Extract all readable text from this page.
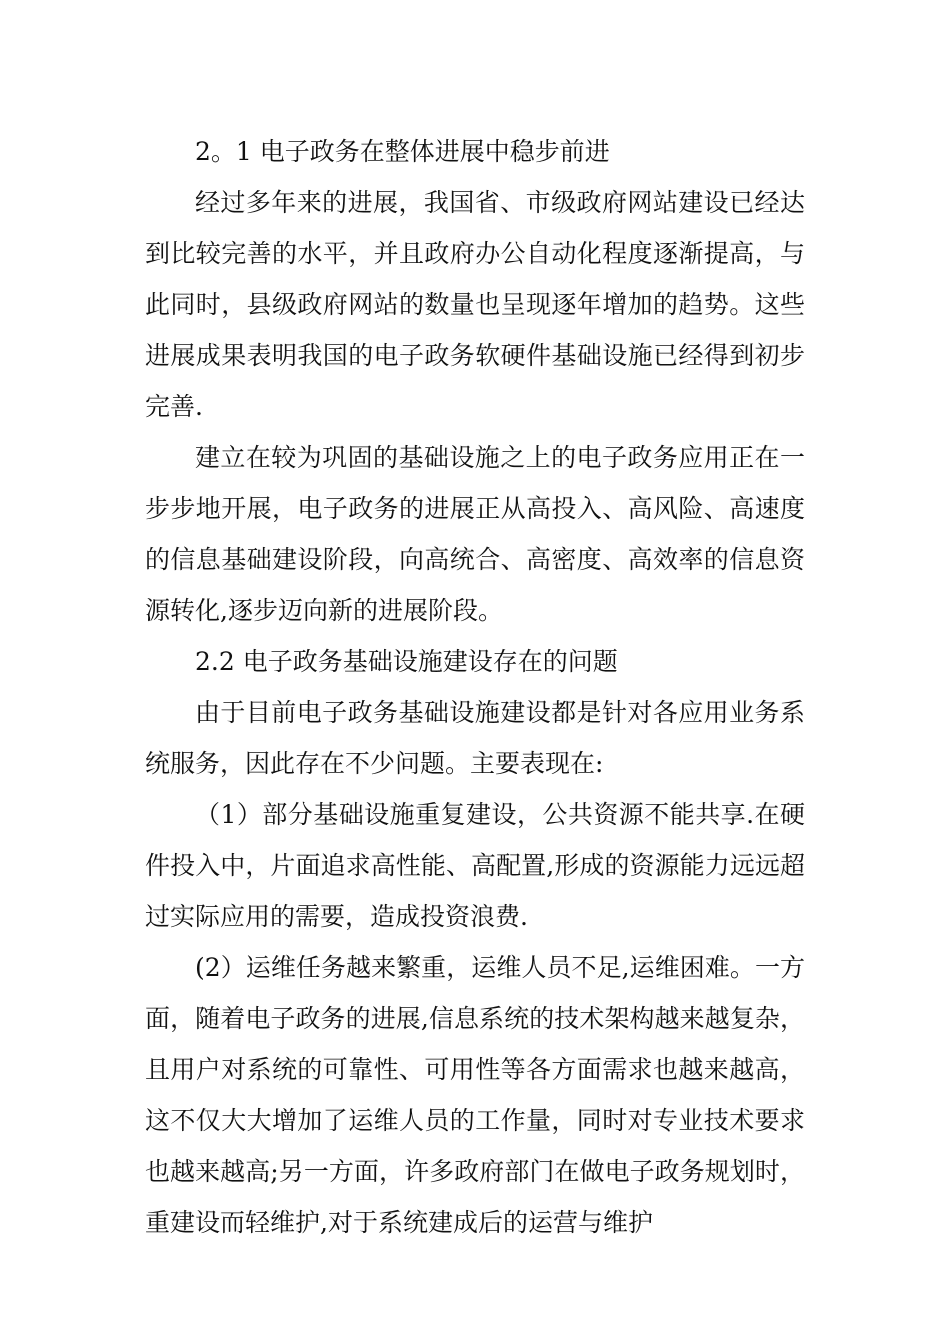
2。1 电子政务在整体进展中稳步前进

经过多年来的进展，我国省、市级政府网站建设已经达到比较完善的水平，并且政府办公自动化程度逐渐提高，与此同时，县级政府网站的数量也呈现逐年增加的趋势。这些进展成果表明我国的电子政务软硬件基础设施已经得到初步完善.

建立在较为巩固的基础设施之上的电子政务应用正在一步步地开展，电子政务的进展正从高投入、高风险、高速度的信息基础建设阶段，向高统合、高密度、高效率的信息资源转化,逐步迈向新的进展阶段。

2.2 电子政务基础设施建设存在的问题

由于目前电子政务基础设施建设都是针对各应用业务系统服务，因此存在不少问题。主要表现在:

（1）部分基础设施重复建设，公共资源不能共享.在硬件投入中，片面追求高性能、高配置,形成的资源能力远远超过实际应用的需要，造成投资浪费.

(2）运维任务越来繁重，运维人员不足,运维困难。一方面，随着电子政务的进展,信息系统的技术架构越来越复杂，且用户对系统的可靠性、可用性等各方面需求也越来越高，这不仅大大增加了运维人员的工作量，同时对专业技术要求也越来越高;另一方面，许多政府部门在做电子政务规划时，重建设而轻维护,对于系统建成后的运营与维护
